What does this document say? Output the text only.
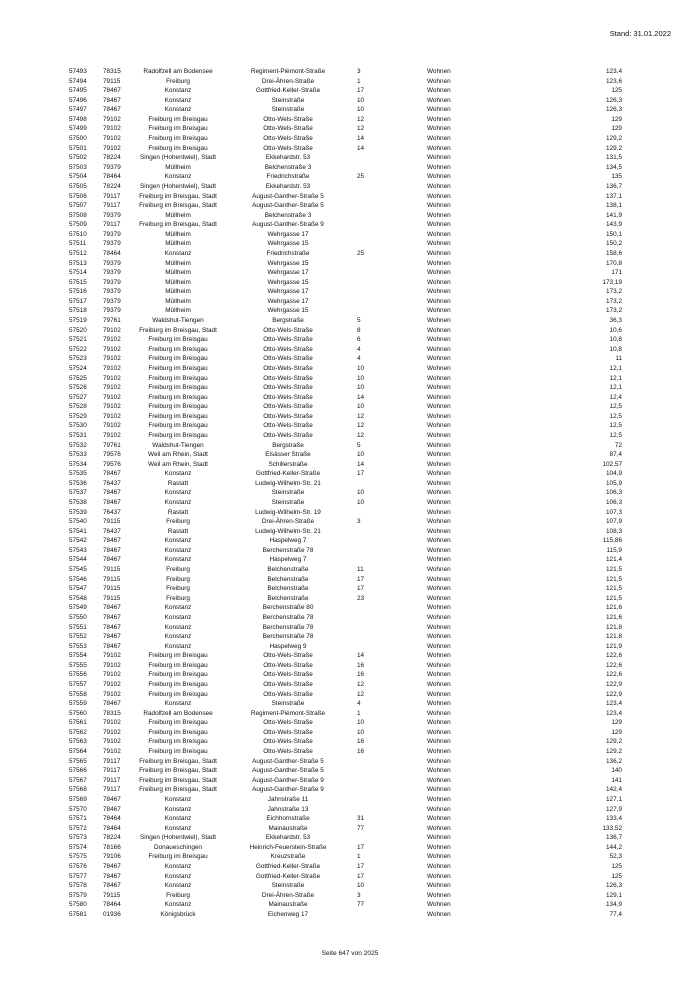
Stand: 31.01.2022
57493	78315	Radolfzell am Bodensee	Regiment-Piémont-Straße	3	Wohnen	123,4
57494	79115	Freiburg	Drei-Ähren-Straße	1	Wohnen	123,6
57495	78467	Konstanz	Gottfried-Keller-Straße	17	Wohnen	125
57496	78467	Konstanz	Steinstraße	10	Wohnen	126,3
57497	78467	Konstanz	Steinstraße	10	Wohnen	126,3
57498	79102	Freiburg im Breisgau	Otto-Wels-Straße	12	Wohnen	129
57499	79102	Freiburg im Breisgau	Otto-Wels-Straße	12	Wohnen	129
57500	79102	Freiburg im Breisgau	Otto-Wels-Straße	14	Wohnen	129,2
57501	79102	Freiburg im Breisgau	Otto-Wels-Straße	14	Wohnen	129,2
57502	78224	Singen (Hohentwiel), Stadt	Ekkehardstr. 53	Wohnen	131,5
57503	79379	Müllheim	Belchenstraße 3	Wohnen	134,5
57504	78464	Konstanz	Friedrichstraße	25	Wohnen	135
57505	78224	Singen (Hohentwiel), Stadt	Ekkehardstr. 53	Wohnen	136,7
57506	79117	Freiburg im Breisgau, Stadt	August-Ganther-Straße 5	Wohnen	137,1
57507	79117	Freiburg im Breisgau, Stadt	August-Ganther-Straße 5	Wohnen	138,1
57508	79379	Müllheim	Belchenstraße 3	Wohnen	141,9
57509	79117	Freiburg im Breisgau, Stadt	August-Ganther-Straße 9	Wohnen	143,9
57510	79379	Müllheim	Wehrgasse 17	Wohnen	150,1
57511	79379	Müllheim	Wehrgasse 15	Wohnen	150,2
57512	78464	Konstanz	Friedrichstraße	25	Wohnen	158,6
57513	79379	Müllheim	Wehrgasse 15	Wohnen	170,8
57514	79379	Müllheim	Wehrgasse 17	Wohnen	171
57515	79379	Müllheim	Wehrgasse 15	Wohnen	173,19
57516	79379	Müllheim	Wehrgasse 17	Wohnen	173,2
57517	79379	Müllheim	Wehrgasse 17	Wohnen	173,2
57518	79379	Müllheim	Wehrgasse 15	Wohnen	173,2
57519	79761	Waldshut-Tiengen	Bergstraße	5	Wohnen	36,3
57520	79102	Freiburg im Breisgau, Stadt	Otto-Wels-Straße	8	Wohnen	10,6
57521	79102	Freiburg im Breisgau	Otto-Wels-Straße	6	Wohnen	10,8
57522	79102	Freiburg im Breisgau	Otto-Wels-Straße	4	Wohnen	10,8
57523	79102	Freiburg im Breisgau	Otto-Wels-Straße	4	Wohnen	11
57524	79102	Freiburg im Breisgau	Otto-Wels-Straße	10	Wohnen	12,1
57525	79102	Freiburg im Breisgau	Otto-Wels-Straße	10	Wohnen	12,1
57526	79102	Freiburg im Breisgau	Otto-Wels-Straße	10	Wohnen	12,1
57527	79102	Freiburg im Breisgau	Otto-Wels-Straße	14	Wohnen	12,4
57528	79102	Freiburg im Breisgau	Otto-Wels-Straße	10	Wohnen	12,5
57529	79102	Freiburg im Breisgau	Otto-Wels-Straße	12	Wohnen	12,5
57530	79102	Freiburg im Breisgau	Otto-Wels-Straße	12	Wohnen	12,5
57531	79102	Freiburg im Breisgau	Otto-Wels-Straße	12	Wohnen	12,5
57532	79761	Waldshut-Tiengen	Bergstraße	5	Wohnen	72
57533	79576	Weil am Rhein, Stadt	Elsässer Straße	10	Wohnen	87,4
57534	79576	Weil am Rhein, Stadt	Schillerstraße	14	Wohnen	102,57
57535	78467	Konstanz	Gottfried-Keller-Straße	17	Wohnen	104,9
57536	76437	Rastatt	Ludwig-Wilhelm-Str. 21	Wohnen	105,9
57537	78467	Konstanz	Steinstraße	10	Wohnen	106,3
57538	78467	Konstanz	Steinstraße	10	Wohnen	106,3
57539	76437	Rastatt	Ludwig-Wilhelm-Str. 19	Wohnen	107,3
57540	79115	Freiburg	Drei-Ähren-Straße	3	Wohnen	107,9
57541	76437	Rastatt	Ludwig-Wilhelm-Str. 21	Wohnen	108,3
57542	78467	Konstanz	Haspelweg 7	Wohnen	115,86
57543	78467	Konstanz	Berchenstraße 78	Wohnen	115,9
57544	78467	Konstanz	Haspelweg 7	Wohnen	121,4
57545	79115	Freiburg	Belchenstraße	11	Wohnen	121,5
57546	79115	Freiburg	Belchenstraße	17	Wohnen	121,5
57547	79115	Freiburg	Belchenstraße	17	Wohnen	121,5
57548	79115	Freiburg	Belchenstraße	23	Wohnen	121,5
57549	78467	Konstanz	Berchenstraße 80	Wohnen	121,6
57550	78467	Konstanz	Berchenstraße 78	Wohnen	121,6
57551	78467	Konstanz	Berchenstraße 78	Wohnen	121,8
57552	78467	Konstanz	Berchenstraße 78	Wohnen	121,8
57553	78467	Konstanz	Haspelweg 9	Wohnen	121,9
57554	79102	Freiburg im Breisgau	Otto-Wels-Straße	14	Wohnen	122,6
57555	79102	Freiburg im Breisgau	Otto-Wels-Straße	16	Wohnen	122,6
57556	79102	Freiburg im Breisgau	Otto-Wels-Straße	16	Wohnen	122,6
57557	79102	Freiburg im Breisgau	Otto-Wels-Straße	12	Wohnen	122,9
57558	79102	Freiburg im Breisgau	Otto-Wels-Straße	12	Wohnen	122,9
57559	78467	Konstanz	Steinstraße	4	Wohnen	123,4
57560	78315	Radolfzell am Bodensee	Regiment-Piémont-Straße	1	Wohnen	123,4
57561	79102	Freiburg im Breisgau	Otto-Wels-Straße	10	Wohnen	129
57562	79102	Freiburg im Breisgau	Otto-Wels-Straße	10	Wohnen	129
57563	79102	Freiburg im Breisgau	Otto-Wels-Straße	16	Wohnen	129,2
57564	79102	Freiburg im Breisgau	Otto-Wels-Straße	16	Wohnen	129,2
57565	79117	Freiburg im Breisgau, Stadt	August-Ganther-Straße 5	Wohnen	136,2
57566	79117	Freiburg im Breisgau, Stadt	August-Ganther-Straße 5	Wohnen	140
57567	79117	Freiburg im Breisgau, Stadt	August-Ganther-Straße 9	Wohnen	141
57568	79117	Freiburg im Breisgau, Stadt	August-Ganther-Straße 9	Wohnen	142,4
57569	78467	Konstanz	Jahnstraße 11	Wohnen	127,1
57570	78467	Konstanz	Jahnstraße 13	Wohnen	127,9
57571	78464	Konstanz	Eichhornstraße	31	Wohnen	133,4
57572	78464	Konstanz	Mainaustraße	77	Wohnen	133,52
57573	78224	Singen (Hohentwiel), Stadt	Ekkehardstr. 53	Wohnen	136,7
57574	78166	Donaueschingen	Heinrich-Feuerstein-Straße	17	Wohnen	144,2
57575	79106	Freiburg im Breisgau	Kreuzstraße	1	Wohnen	52,3
57576	78467	Konstanz	Gottfried-Keller-Straße	17	Wohnen	125
57577	78467	Konstanz	Gottfried-Keller-Straße	17	Wohnen	125
57578	78467	Konstanz	Steinstraße	10	Wohnen	126,3
57579	79115	Freiburg	Drei-Ähren-Straße	3	Wohnen	129,1
57580	78464	Konstanz	Mainaustraße	77	Wohnen	134,9
57581	01936	Königsbrück	Eichenweg 17	Wohnen	77,4
Seite 647 von 2025
